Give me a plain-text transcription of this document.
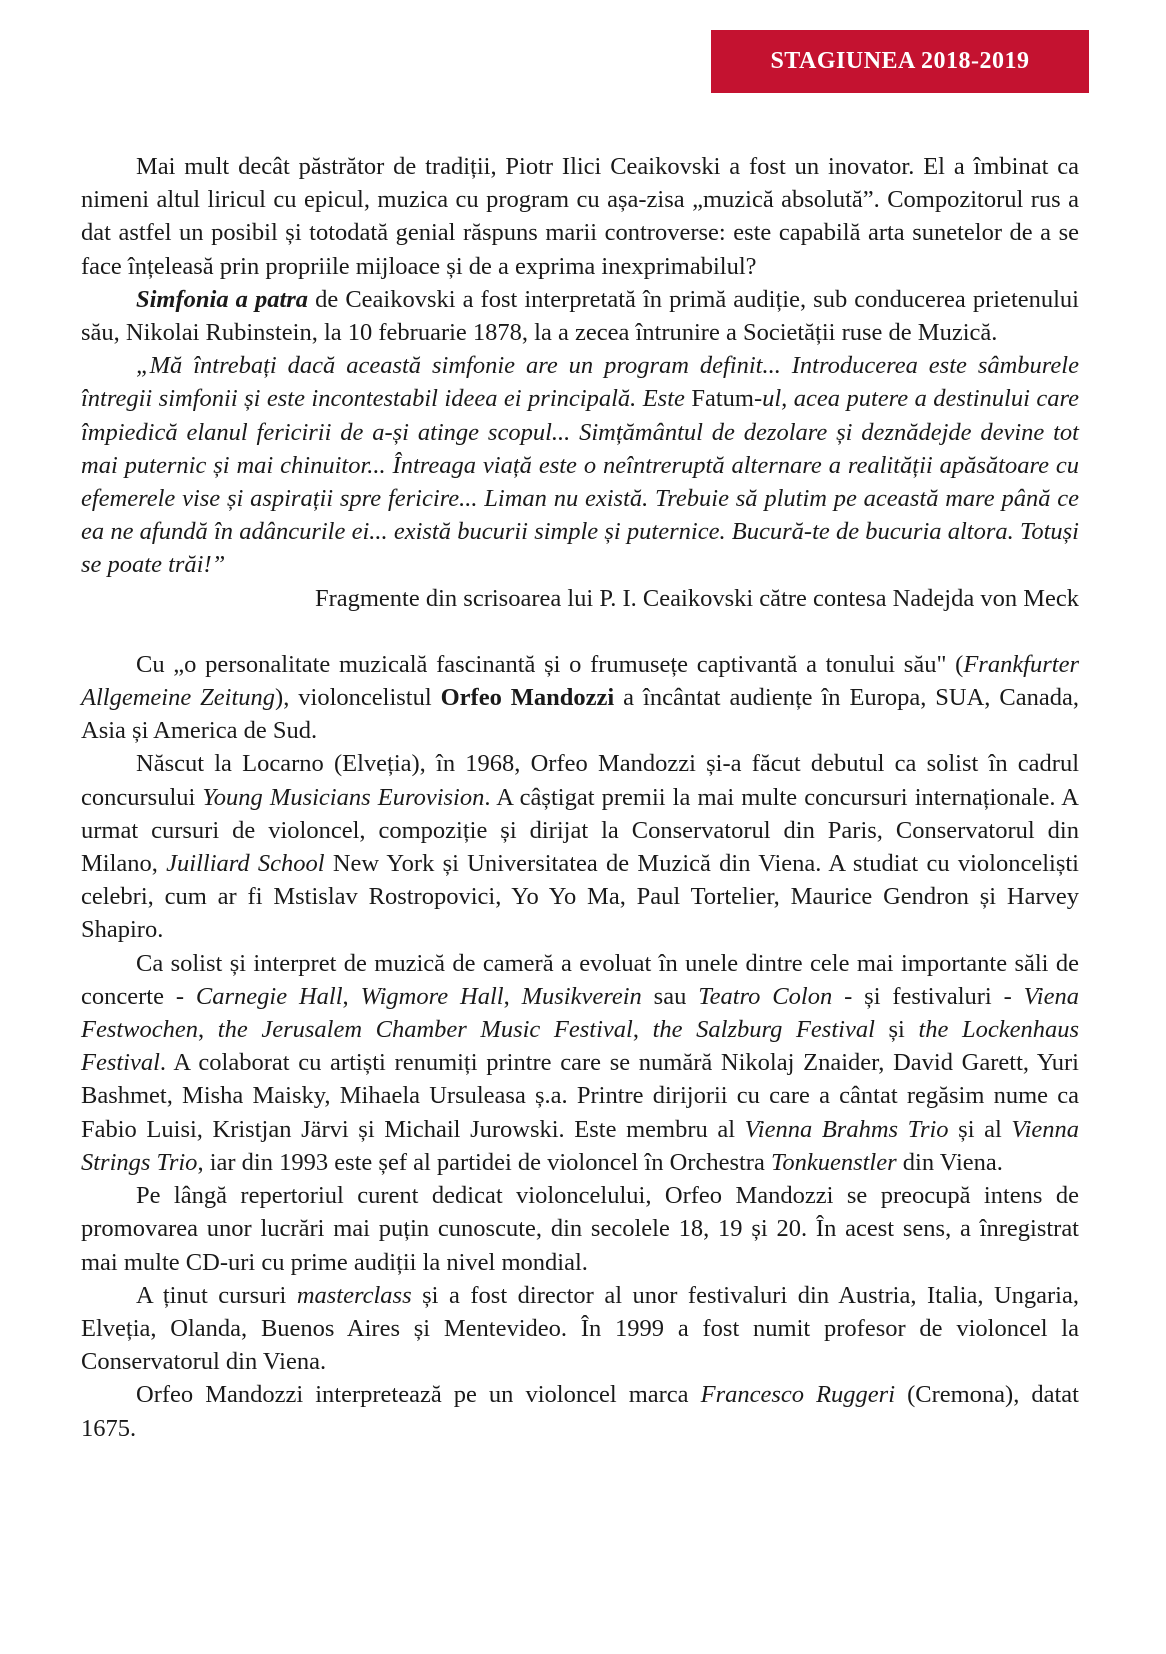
STAGIUNEA 2018-2019

Mai mult decât păstrător de tradiții, Piotr Ilici Ceaikovski a fost un inovator. El a îmbinat ca nimeni altul liricul cu epicul, muzica cu program cu așa-zisa „muzică absolută”. Compozitorul rus a dat astfel un posibil și totodată genial răspuns marii controverse: este capabilă arta sunetelor de a se face înțeleasă prin propriile mijloace și de a exprima inexprimabilul?

Simfonia a patra de Ceaikovski a fost interpretată în primă audiție, sub conducerea prietenului său, Nikolai Rubinstein, la 10 februarie 1878, la a zecea întrunire a Societății ruse de Muzică.

„Mă întrebați dacă această simfonie are un program definit... Introducerea este sâmburele întregii simfonii și este incontestabil ideea ei principală. Este Fatum-ul, acea putere a destinului care împiedică elanul fericirii de a-și atinge scopul... Simțământul de dezolare și deznădejde devine tot mai puternic și mai chinuitor... Întreaga viață este o neîntreruptă alternare a realității apăsătoare cu efemerele vise și aspirații spre fericire... Liman nu există. Trebuie să plutim pe această mare până ce ea ne afundă în adâncurile ei... există bucurii simple și puternice. Bucură-te de bucuria altora. Totuși se poate trăi!”

Fragmente din scrisoarea lui P. I. Ceaikovski către contesa Nadejda von Meck

Cu „o personalitate muzicală fascinantă și o frumusețe captivantă a tonului său" (Frankfurter Allgemeine Zeitung), violoncelistul Orfeo Mandozzi a încântat audiențe în Europa, SUA, Canada, Asia și America de Sud.

Născut la Locarno (Elveția), în 1968, Orfeo Mandozzi și-a făcut debutul ca solist în cadrul concursului Young Musicians Eurovision. A câștigat premii la mai multe concursuri internaționale. A urmat cursuri de violoncel, compoziție și dirijat la Conservatorul din Paris, Conservatorul din Milano, Juilliard School New York și Universitatea de Muzică din Viena. A studiat cu violonceliști celebri, cum ar fi Mstislav Rostropovici, Yo Yo Ma, Paul Tortelier, Maurice Gendron și Harvey Shapiro.

Ca solist și interpret de muzică de cameră a evoluat în unele dintre cele mai importante săli de concerte - Carnegie Hall, Wigmore Hall, Musikverein sau Teatro Colon - și festivaluri - Viena Festwochen, the Jerusalem Chamber Music Festival, the Salzburg Festival și the Lockenhaus Festival. A colaborat cu artiști renumiți printre care se numără Nikolaj Znaider, David Garett, Yuri Bashmet, Misha Maisky, Mihaela Ursuleasa ș.a. Printre dirijorii cu care a cântat regăsim nume ca Fabio Luisi, Kristjan Järvi și Michail Jurowski. Este membru al Vienna Brahms Trio și al Vienna Strings Trio, iar din 1993 este șef al partidei de violoncel în Orchestra Tonkuenstler din Viena.

Pe lângă repertoriul curent dedicat violoncelului, Orfeo Mandozzi se preocupă intens de promovarea unor lucrări mai puțin cunoscute, din secolele 18, 19 și 20. În acest sens, a înregistrat mai multe CD-uri cu prime audiții la nivel mondial.

A ținut cursuri masterclass și a fost director al unor festivaluri din Austria, Italia, Ungaria, Elveția, Olanda, Buenos Aires și Mentevideo. În 1999 a fost numit profesor de violoncel la Conservatorul din Viena.

Orfeo Mandozzi interpretează pe un violoncel marca Francesco Ruggeri (Cremona), datat 1675.
